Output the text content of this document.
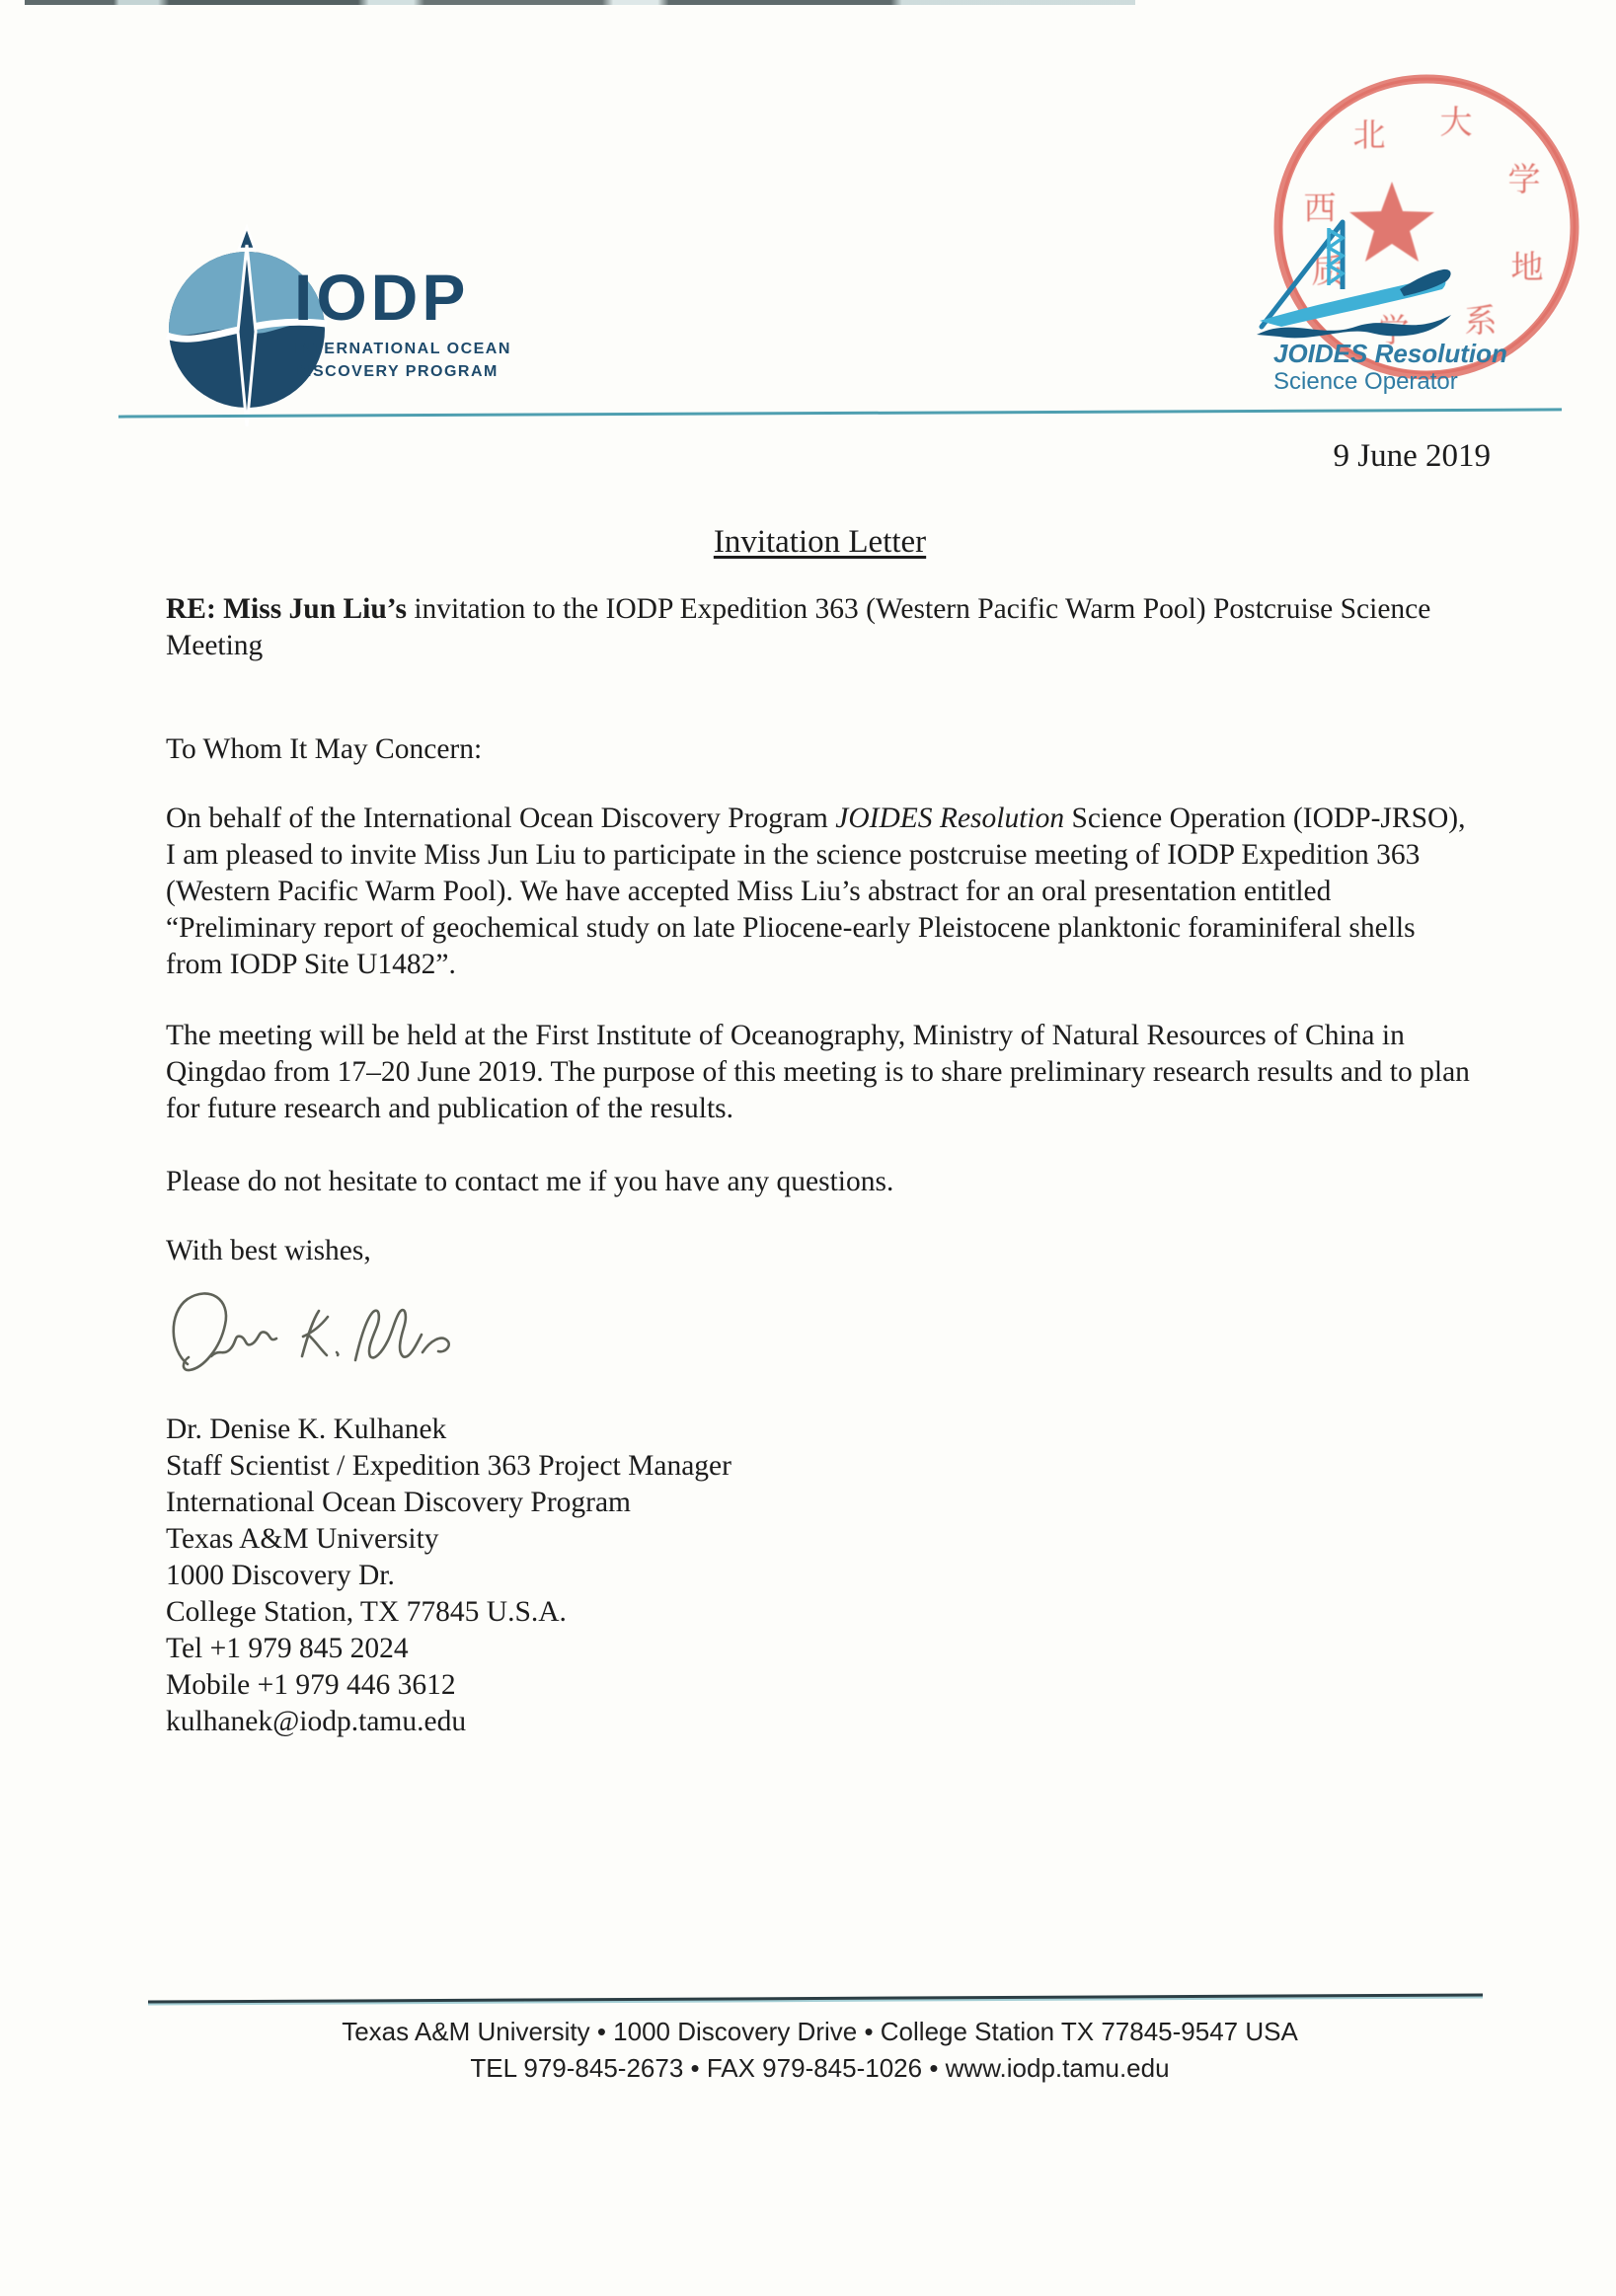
IODP
INTERNATIONAL OCEAN
DISCOVERY PROGRAM
西
北 大
学
地
质
系
JOIDES Resolution
Science Operator
9 June 2019
Invitation Letter
RE: Miss Jun Liu’s invitation to the IODP Expedition 363 (Western Pacific Warm Pool) Postcruise Science Meeting
To Whom It May Concern:
On behalf of the International Ocean Discovery Program JOIDES Resolution Science Operation (IODP-JRSO), I am pleased to invite Miss Jun Liu to participate in the science postcruise meeting of IODP Expedition 363 (Western Pacific Warm Pool). We have accepted Miss Liu’s abstract for an oral presentation entitled “Preliminary report of geochemical study on late Pliocene-early Pleistocene planktonic foraminiferal shells from IODP Site U1482”.
The meeting will be held at the First Institute of Oceanography, Ministry of Natural Resources of China in Qingdao from 17–20 June 2019. The purpose of this meeting is to share preliminary research results and to plan for future research and publication of the results.
Please do not hesitate to contact me if you have any questions.
With best wishes,
Dr. Denise K. Kulhanek
Staff Scientist / Expedition 363 Project Manager
International Ocean Discovery Program
Texas A&M University
1000 Discovery Dr.
College Station, TX 77845 U.S.A.
Tel +1 979 845 2024
Mobile +1 979 446 3612
kulhanek@iodp.tamu.edu
Texas A&M University • 1000 Discovery Drive • College Station TX 77845-9547 USA
TEL 979-845-2673 • FAX 979-845-1026 • www.iodp.tamu.edu
